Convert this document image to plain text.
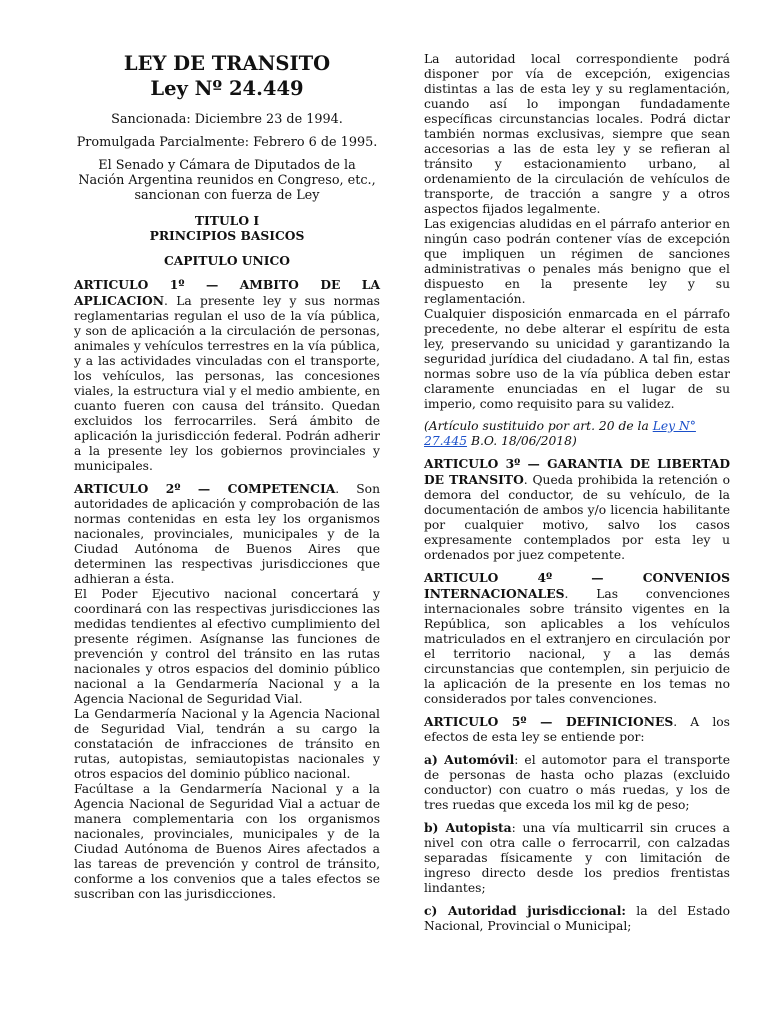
LEY DE TRANSITO
Ley Nº 24.449

Sancionada: Diciembre 23 de 1994.

Promulgada Parcialmente: Febrero 6 de 1995.

El Senado y Cámara de Diputados de la Nación Argentina reunidos en Congreso, etc., sancionan con fuerza de Ley

TITULO I

PRINCIPIOS BASICOS

CAPITULO UNICO

ARTICULO 1º — AMBITO DE LA APLICACION. La presente ley y sus normas reglamentarias regulan el uso de la vía pública, y son de aplicación a la circulación de personas, animales y vehículos terrestres en la vía pública, y a las actividades vinculadas con el transporte, los vehículos, las personas, las concesiones viales, la estructura vial y el medio ambiente, en cuanto fueren con causa del tránsito. Quedan excluidos los ferrocarriles. Será ámbito de aplicación la jurisdicción federal. Podrán adherir a la presente ley los gobiernos provinciales y municipales.

ARTICULO 2º — COMPETENCIA. Son autoridades de aplicación y comprobación de las normas contenidas en esta ley los organismos nacionales, provinciales, municipales y de la Ciudad Autónoma de Buenos Aires que determinen las respectivas jurisdicciones que adhieran a ésta.

El Poder Ejecutivo nacional concertará y coordinará con las respectivas jurisdicciones las medidas tendientes al efectivo cumplimiento del presente régimen. Asígnanse las funciones de prevención y control del tránsito en las rutas nacionales y otros espacios del dominio público nacional a la Gendarmería Nacional y a la Agencia Nacional de Seguridad Vial.

La Gendarmería Nacional y la Agencia Nacional de Seguridad Vial, tendrán a su cargo la constatación de infracciones de tránsito en rutas, autopistas, semiautopistas nacionales y otros espacios del dominio público nacional.

Facúltase a la Gendarmería Nacional y a la Agencia Nacional de Seguridad Vial a actuar de manera complementaria con los organismos nacionales, provinciales, municipales y de la Ciudad Autónoma de Buenos Aires afectados a las tareas de prevención y control de tránsito, conforme a los convenios que a tales efectos se suscriban con las jurisdicciones.

La autoridad local correspondiente podrá disponer por vía de excepción, exigencias distintas a las de esta ley y su reglamentación, cuando así lo impongan fundadamente específicas circunstancias locales. Podrá dictar también normas exclusivas, siempre que sean accesorias a las de esta ley y se refieran al tránsito y estacionamiento urbano, al ordenamiento de la circulación de vehículos de transporte, de tracción a sangre y a otros aspectos fijados legalmente.

Las exigencias aludidas en el párrafo anterior en ningún caso podrán contener vías de excepción que impliquen un régimen de sanciones administrativas o penales más benigno que el dispuesto en la presente ley y su reglamentación.

Cualquier disposición enmarcada en el párrafo precedente, no debe alterar el espíritu de esta ley, preservando su unicidad y garantizando la seguridad jurídica del ciudadano. A tal fin, estas normas sobre uso de la vía pública deben estar claramente enunciadas en el lugar de su imperio, como requisito para su validez.

(Artículo sustituido por art. 20 de la Ley N° 27.445 B.O. 18/06/2018)

ARTICULO 3º — GARANTIA DE LIBERTAD DE TRANSITO. Queda prohibida la retención o demora del conductor, de su vehículo, de la documentación de ambos y/o licencia habilitante por cualquier motivo, salvo los casos expresamente contemplados por esta ley u ordenados por juez competente.

ARTICULO 4º — CONVENIOS INTERNACIONALES. Las convenciones internacionales sobre tránsito vigentes en la República, son aplicables a los vehículos matriculados en el extranjero en circulación por el territorio nacional, y a las demás circunstancias que contemplen, sin perjuicio de la aplicación de la presente en los temas no considerados por tales convenciones.

ARTICULO 5º — DEFINICIONES. A los efectos de esta ley se entiende por:

a) Automóvil: el automotor para el transporte de personas de hasta ocho plazas (excluido conductor) con cuatro o más ruedas, y los de tres ruedas que exceda los mil kg de peso;

b) Autopista: una vía multicarril sin cruces a nivel con otra calle o ferrocarril, con calzadas separadas físicamente y con limitación de ingreso directo desde los predios frentistas lindantes;

c) Autoridad jurisdiccional: la del Estado Nacional, Provincial o Municipal;
